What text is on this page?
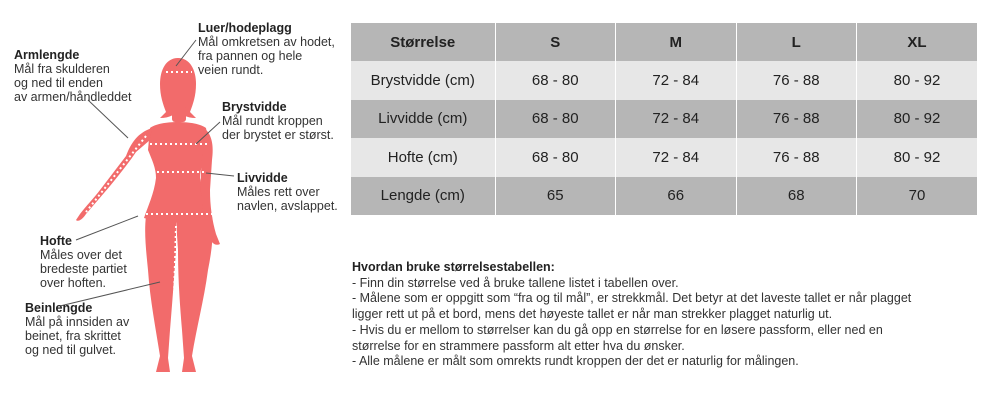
Luer/hodeplagg
Mål omkretsen av hodet,
fra pannen og hele
veien rundt.
Armlengde
Mål fra skulderen
og ned til enden
av armen/håndleddet
Brystvidde
Mål rundt kroppen
der brystet er størst.
Livvidde
Måles rett over
navlen, avslappet.
Hofte
Måles over det
bredeste partiet
over hoften.
Beinlengde
Mål på innsiden av
beinet, fra skrittet
og ned til gulvet.
Størrelse	S	M	L	XL
Brystvidde (cm)	68 - 80	72 - 84	76 - 88	80 - 92
Livvidde (cm)	68 - 80	72 - 84	76 - 88	80 - 92
Hofte (cm)	68 - 80	72 - 84	76 - 88	80 - 92
Lengde (cm)	65	66	68	70
Hvordan bruke størrelsestabellen:
- Finn din størrelse ved å bruke tallene listet i tabellen over.
- Målene som er oppgitt som “fra og til mål”, er strekkmål. Det betyr at det laveste tallet er når plagget ligger rett ut på et bord, mens det høyeste tallet er når man strekker plagget naturlig ut.
- Hvis du er mellom to størrelser kan du gå opp en størrelse for en løsere passform, eller ned en størrelse for en strammere passform alt etter hva du ønsker.
- Alle målene er målt som omrekts rundt kroppen der det er naturlig for målingen.
